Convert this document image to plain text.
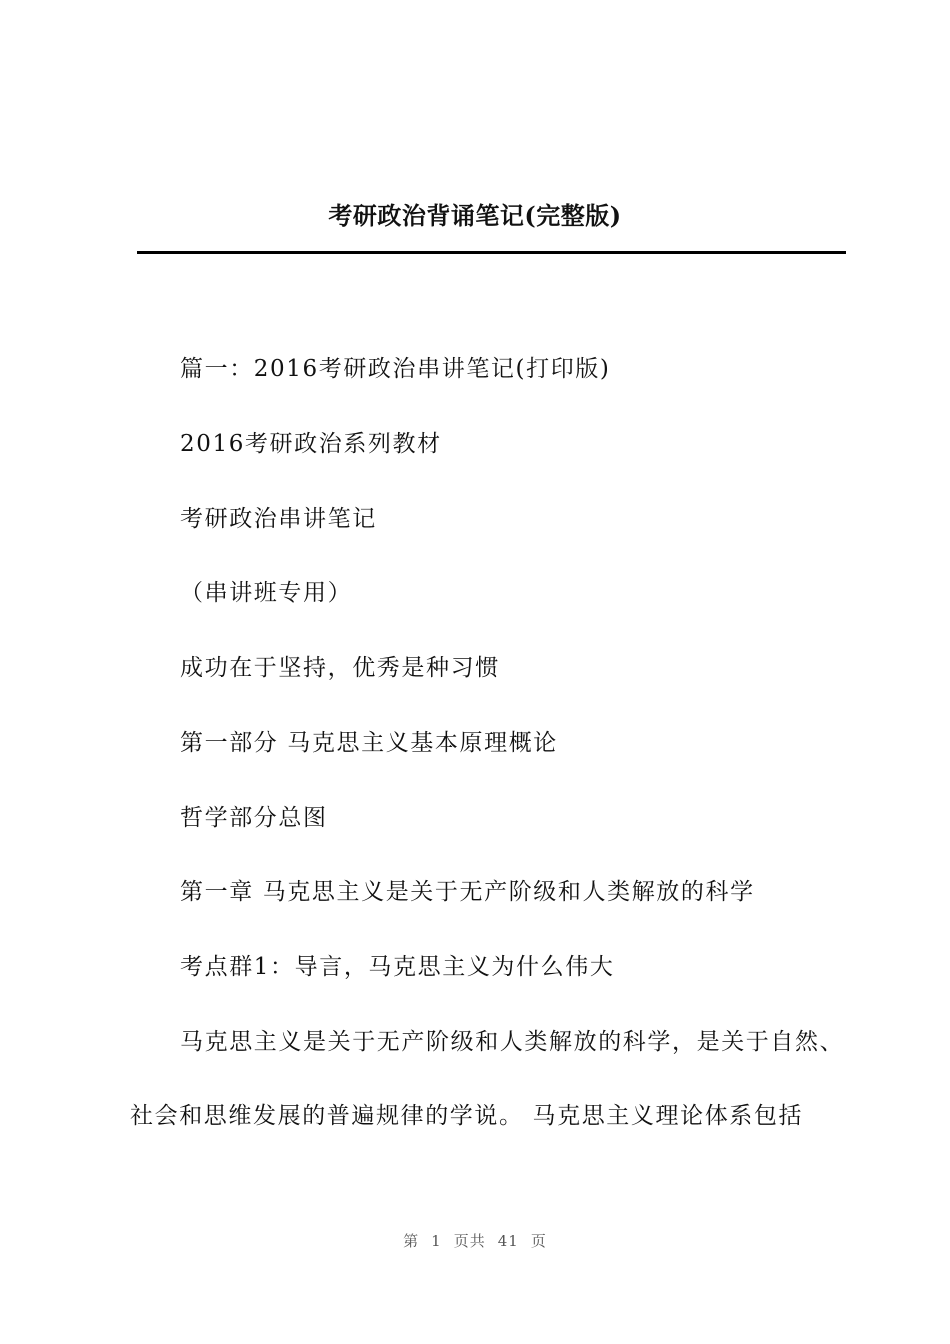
考研政治背诵笔记(完整版)
篇一：2016考研政治串讲笔记(打印版)
2016考研政治系列教材
考研政治串讲笔记
（串讲班专用）
成功在于坚持，优秀是种习惯
第一部分 马克思主义基本原理概论
哲学部分总图
第一章 马克思主义是关于无产阶级和人类解放的科学
考点群1：导言，马克思主义为什么伟大
马克思主义是关于无产阶级和人类解放的科学，是关于自然、
社会和思维发展的普遍规律的学说。 马克思主义理论体系包括
第 1 页共 41 页
